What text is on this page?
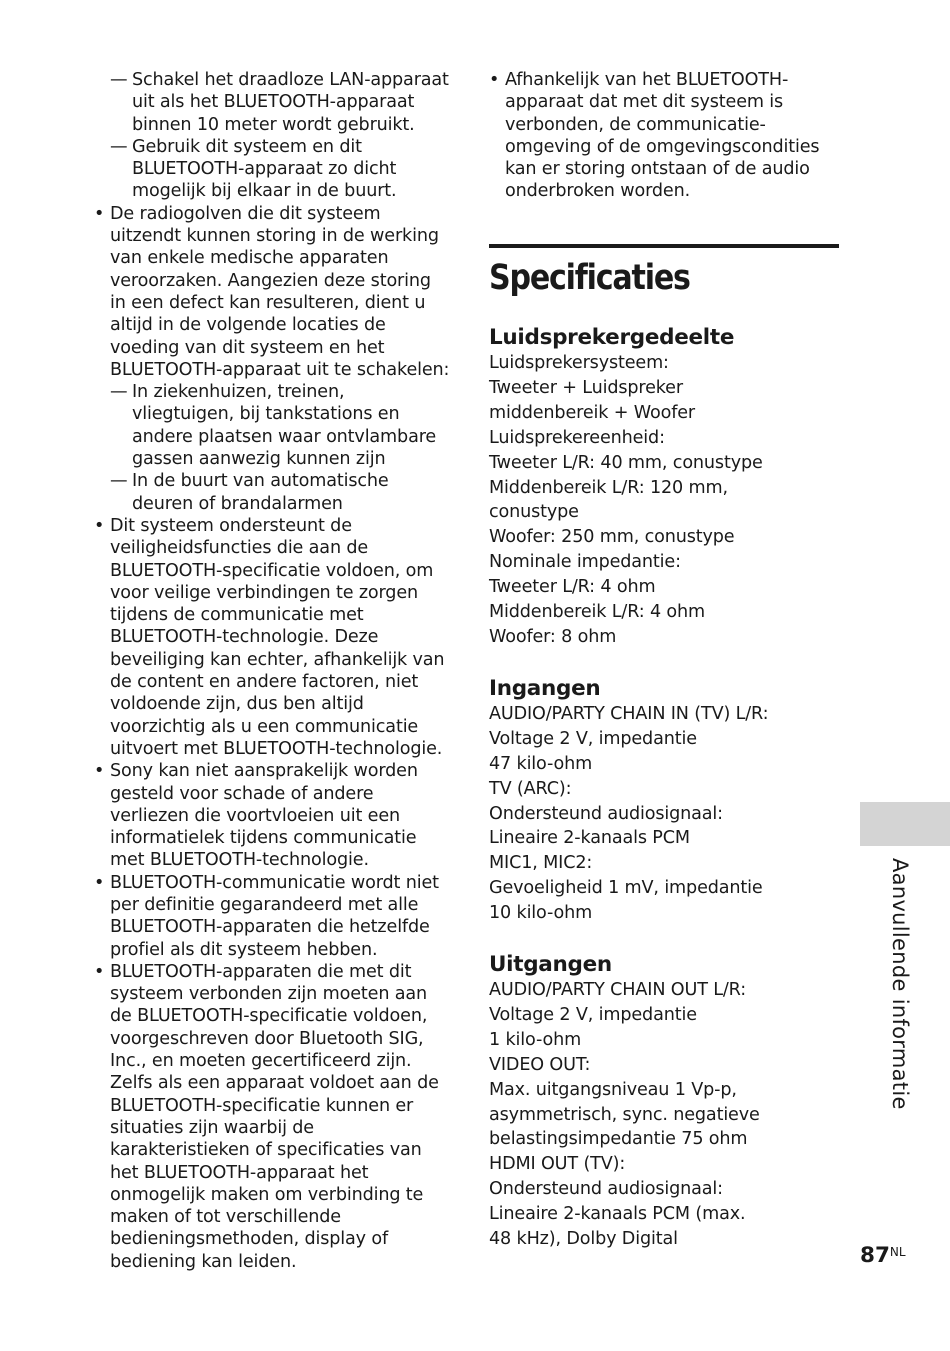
— Schakel het draadloze LAN-apparaat uit als het BLUETOOTH-apparaat binnen 10 meter wordt gebruikt.
— Gebruik dit systeem en dit BLUETOOTH-apparaat zo dicht mogelijk bij elkaar in de buurt.
• De radiogolven die dit systeem uitzendt kunnen storing in de werking van enkele medische apparaten veroorzaken. Aangezien deze storing in een defect kan resulteren, dient u altijd in de volgende locaties de voeding van dit systeem en het BLUETOOTH-apparaat uit te schakelen:
— In ziekenhuizen, treinen, vliegtuigen, bij tankstations en andere plaatsen waar ontvlambare gassen aanwezig kunnen zijn
— In de buurt van automatische deuren of brandalarmen
• Dit systeem ondersteunt de veiligheidsfuncties die aan de BLUETOOTH-specificatie voldoen, om voor veilige verbindingen te zorgen tijdens de communicatie met BLUETOOTH-technologie. Deze beveiliging kan echter, afhankelijk van de content en andere factoren, niet voldoende zijn, dus ben altijd voorzichtig als u een communicatie uitvoert met BLUETOOTH-technologie.
• Sony kan niet aansprakelijk worden gesteld voor schade of andere verliezen die voortvloeien uit een informatielek tijdens communicatie met BLUETOOTH-technologie.
• BLUETOOTH-communicatie wordt niet per definitie gegarandeerd met alle BLUETOOTH-apparaten die hetzelfde profiel als dit systeem hebben.
• BLUETOOTH-apparaten die met dit systeem verbonden zijn moeten aan de BLUETOOTH-specificatie voldoen, voorgeschreven door Bluetooth SIG, Inc., en moeten gecertificeerd zijn. Zelfs als een apparaat voldoet aan de BLUETOOTH-specificatie kunnen er situaties zijn waarbij de karakteristieken of specificaties van het BLUETOOTH-apparaat het onmogelijk maken om verbinding te maken of tot verschillende bedieningsmethoden, display of bediening kan leiden.
• Afhankelijk van het BLUETOOTH-apparaat dat met dit systeem is verbonden, de communicatie-omgeving of de omgevingscondities kan er storing ontstaan of de audio onderbroken worden.
Specificaties
Luidsprekergedeelte
Luidsprekersysteem:
Tweeter + Luidspreker
middenbereik + Woofer
Luidsprekereenheid:
Tweeter L/R: 40 mm, conustype
Middenbereik L/R: 120 mm,
conustype
Woofer: 250 mm, conustype
Nominale impedantie:
Tweeter L/R: 4 ohm
Middenbereik L/R: 4 ohm
Woofer: 8 ohm
Ingangen
AUDIO/PARTY CHAIN IN (TV) L/R:
Voltage 2 V, impedantie
47 kilo-ohm
TV (ARC):
Ondersteund audiosignaal:
Lineaire 2-kanaals PCM
MIC1, MIC2:
Gevoeligheid 1 mV, impedantie
10 kilo-ohm
Uitgangen
AUDIO/PARTY CHAIN OUT L/R:
Voltage 2 V, impedantie
1 kilo-ohm
VIDEO OUT:
Max. uitgangsniveau 1 Vp-p,
asymmetrisch, sync. negatieve
belastingsimpedantie 75 ohm
HDMI OUT (TV):
Ondersteund audiosignaal:
Lineaire 2-kanaals PCM (max.
48 kHz), Dolby Digital
Aanvullende informatie
$87^{NL}$
